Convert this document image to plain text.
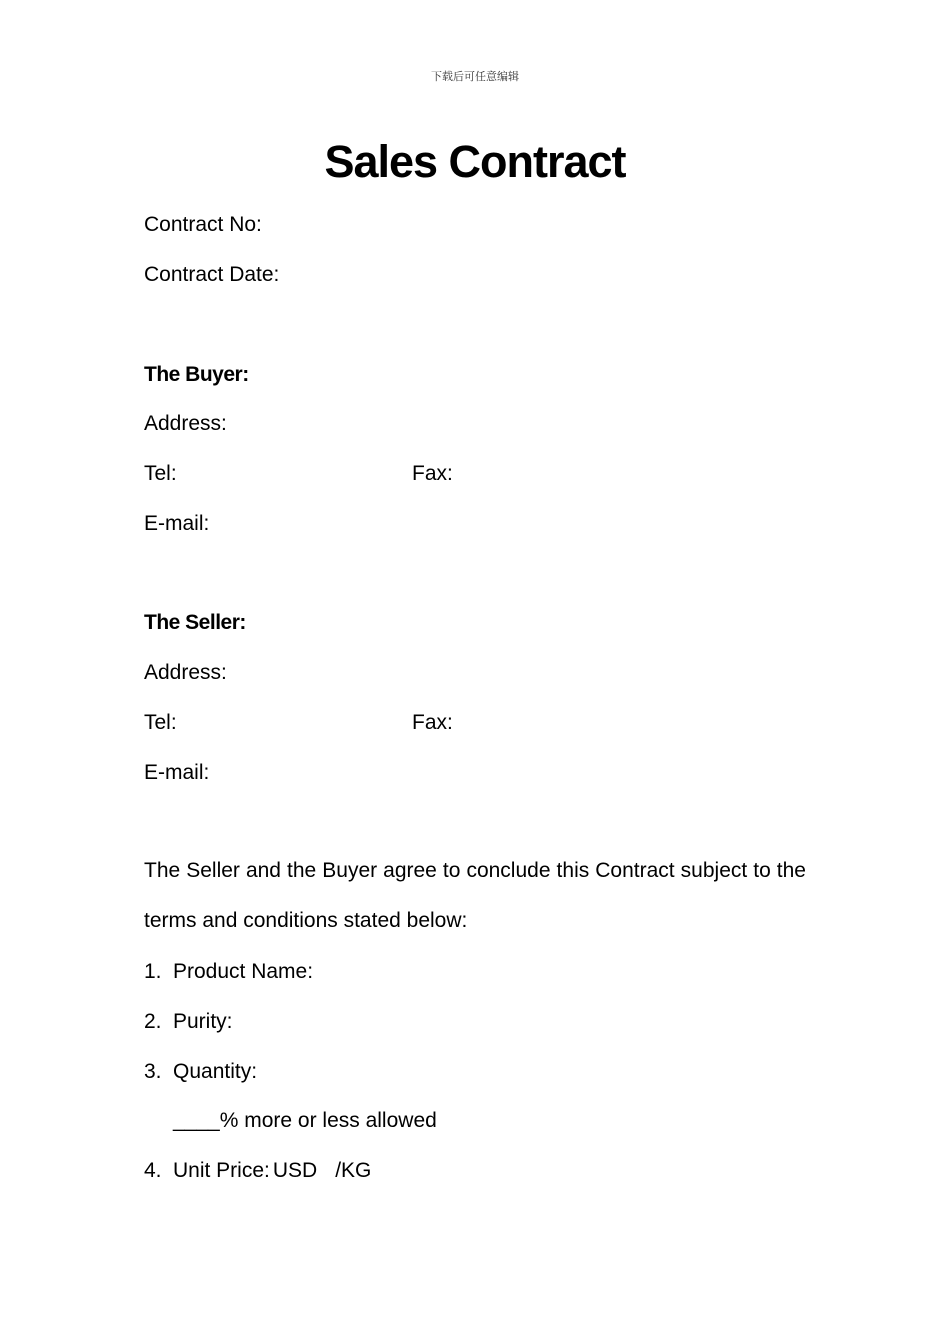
下载后可任意编辑
Sales Contract
Contract No:
Contract Date:
The Buyer:
Address:
Tel:	Fax:
E-mail:
The Seller:
Address:
Tel:	Fax:
E-mail:
The Seller and the Buyer agree to conclude this Contract subject to the terms and conditions stated below:
1. Product Name:
2. Purity:
3. Quantity:
____% more or less allowed
4. Unit Price: USD /KG
